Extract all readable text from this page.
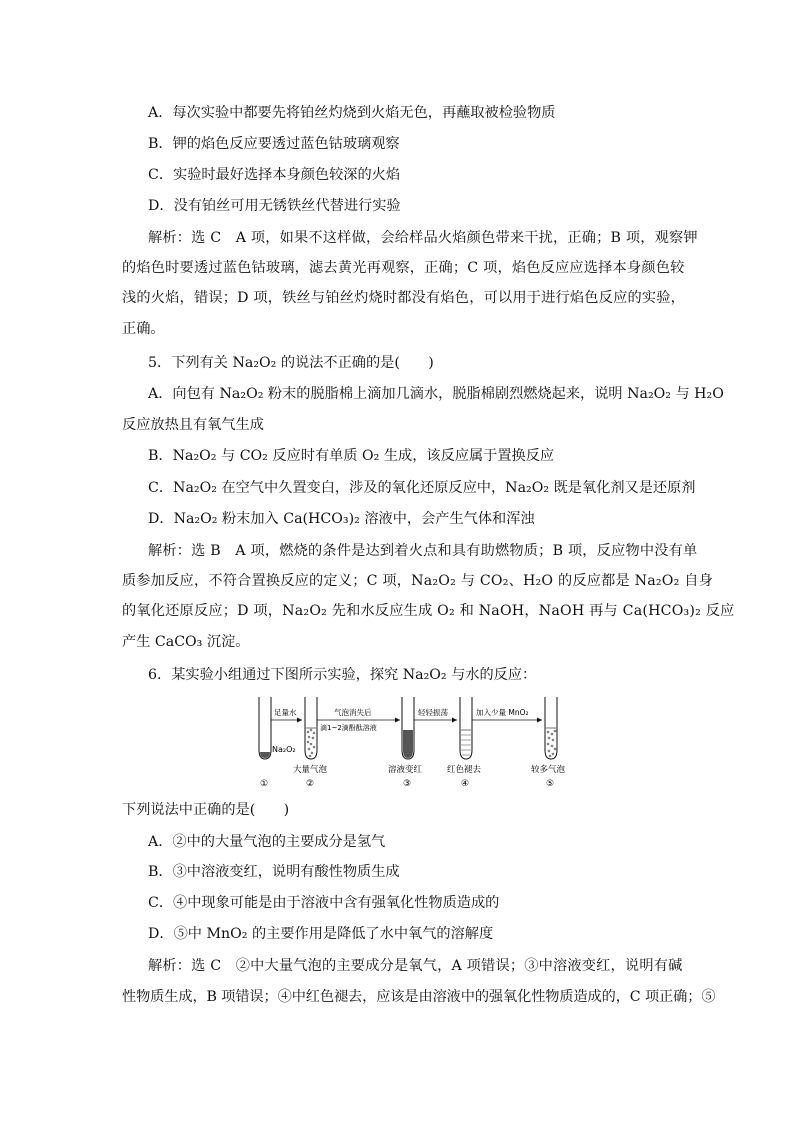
A．每次实验中都要先将铂丝灼烧到火焰无色，再蘸取被检验物质
B．钾的焰色反应要透过蓝色钴玻璃观察
C．实验时最好选择本身颜色较深的火焰
D．没有铂丝可用无锈铁丝代替进行实验
解析：选 C　A 项，如果不这样做，会给样品火焰颜色带来干扰，正确；B 项，观察钾
的焰色时要透过蓝色钴玻璃，滤去黄光再观察，正确；C 项，焰色反应应选择本身颜色较
浅的火焰，错误；D 项，铁丝与铂丝灼烧时都没有焰色，可以用于进行焰色反应的实验，
正确。
5．下列有关 Na₂O₂ 的说法不正确的是(　　)
A．向包有 Na₂O₂ 粉末的脱脂棉上滴加几滴水，脱脂棉剧烈燃烧起来，说明 Na₂O₂ 与 H₂O
反应放热且有氧气生成
B．Na₂O₂ 与 CO₂ 反应时有单质 O₂ 生成，该反应属于置换反应
C．Na₂O₂ 在空气中久置变白，涉及的氧化还原反应中，Na₂O₂ 既是氧化剂又是还原剂
D．Na₂O₂ 粉末加入 Ca(HCO₃)₂ 溶液中，会产生气体和浑浊
解析：选 B　A 项，燃烧的条件是达到着火点和具有助燃物质；B 项，反应物中没有单
质参加反应，不符合置换反应的定义；C 项，Na₂O₂ 与 CO₂、H₂O 的反应都是 Na₂O₂ 自身
的氧化还原反应；D 项，Na₂O₂ 先和水反应生成 O₂ 和 NaOH，NaOH 再与 Ca(HCO₃)₂ 反应
产生 CaCO₃ 沉淀。
6．某实验小组通过下图所示实验，探究 Na₂O₂ 与水的反应：
Na₂O₂
足量水	气泡消失后
滴1~2滴酚酞溶液
轻轻振荡	加入少量 MnO₂
大量气泡	溶液变红	红色褪去	较多气泡
①	②	③	④	⑤
下列说法中正确的是(　　)
A．②中的大量气泡的主要成分是氢气
B．③中溶液变红，说明有酸性物质生成
C．④中现象可能是由于溶液中含有强氧化性物质造成的
D．⑤中 MnO₂ 的主要作用是降低了水中氧气的溶解度
解析：选 C　②中大量气泡的主要成分是氧气，A 项错误；③中溶液变红，说明有碱
性物质生成，B 项错误；④中红色褪去，应该是由溶液中的强氧化性物质造成的，C 项正确；⑤
